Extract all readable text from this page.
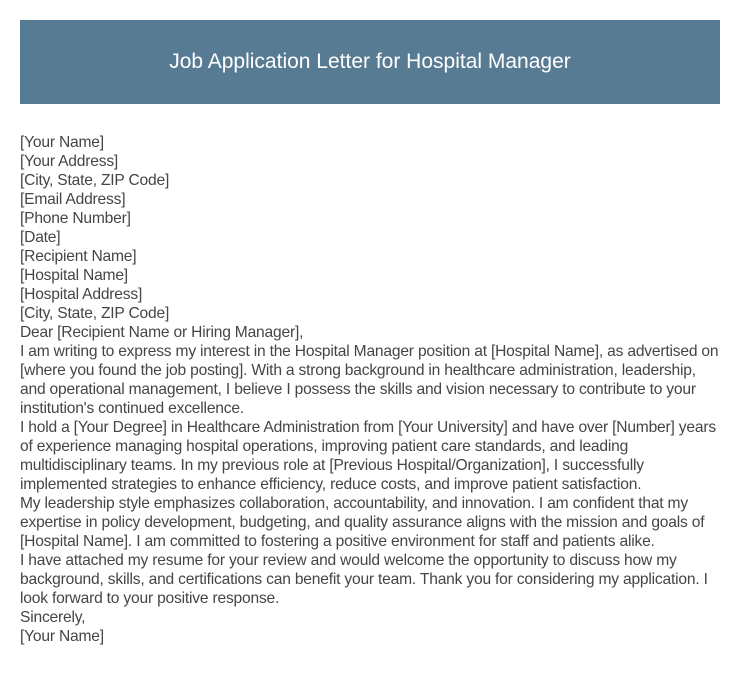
Job Application Letter for Hospital Manager
[Your Name]
[Your Address]
[City, State, ZIP Code]
[Email Address]
[Phone Number]
[Date]
[Recipient Name]
[Hospital Name]
[Hospital Address]
[City, State, ZIP Code]
Dear [Recipient Name or Hiring Manager],
I am writing to express my interest in the Hospital Manager position at [Hospital Name], as advertised on [where you found the job posting]. With a strong background in healthcare administration, leadership, and operational management, I believe I possess the skills and vision necessary to contribute to your institution's continued excellence.
I hold a [Your Degree] in Healthcare Administration from [Your University] and have over [Number] years of experience managing hospital operations, improving patient care standards, and leading multidisciplinary teams. In my previous role at [Previous Hospital/Organization], I successfully implemented strategies to enhance efficiency, reduce costs, and improve patient satisfaction.
My leadership style emphasizes collaboration, accountability, and innovation. I am confident that my expertise in policy development, budgeting, and quality assurance aligns with the mission and goals of [Hospital Name]. I am committed to fostering a positive environment for staff and patients alike.
I have attached my resume for your review and would welcome the opportunity to discuss how my background, skills, and certifications can benefit your team. Thank you for considering my application. I look forward to your positive response.
Sincerely,
[Your Name]
